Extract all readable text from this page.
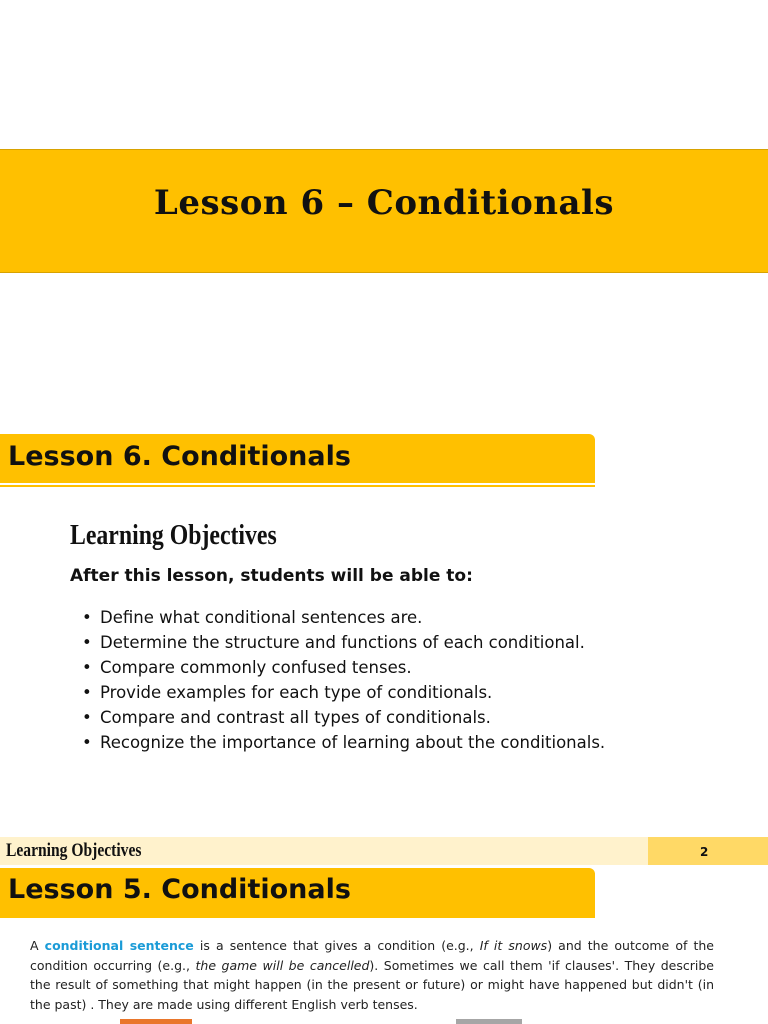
Lesson 6 – Conditionals
Lesson 6. Conditionals
Learning Objectives
After this lesson, students will be able to:
• Define what conditional sentences are.
• Determine the structure and functions of each conditional.
• Compare commonly confused tenses.
• Provide examples for each type of conditionals.
• Compare and contrast all types of conditionals.
• Recognize the importance of learning about the conditionals.
Learning Objectives	2
Lesson 5. Conditionals
A conditional sentence is a sentence that gives a condition (e.g., If it snows) and the outcome of the condition occurring (e.g., the game will be cancelled). Sometimes we call them 'if clauses'. They describe the result of something that might happen (in the present or future) or might have happened but didn't (in the past) . They are made using different English verb tenses.
